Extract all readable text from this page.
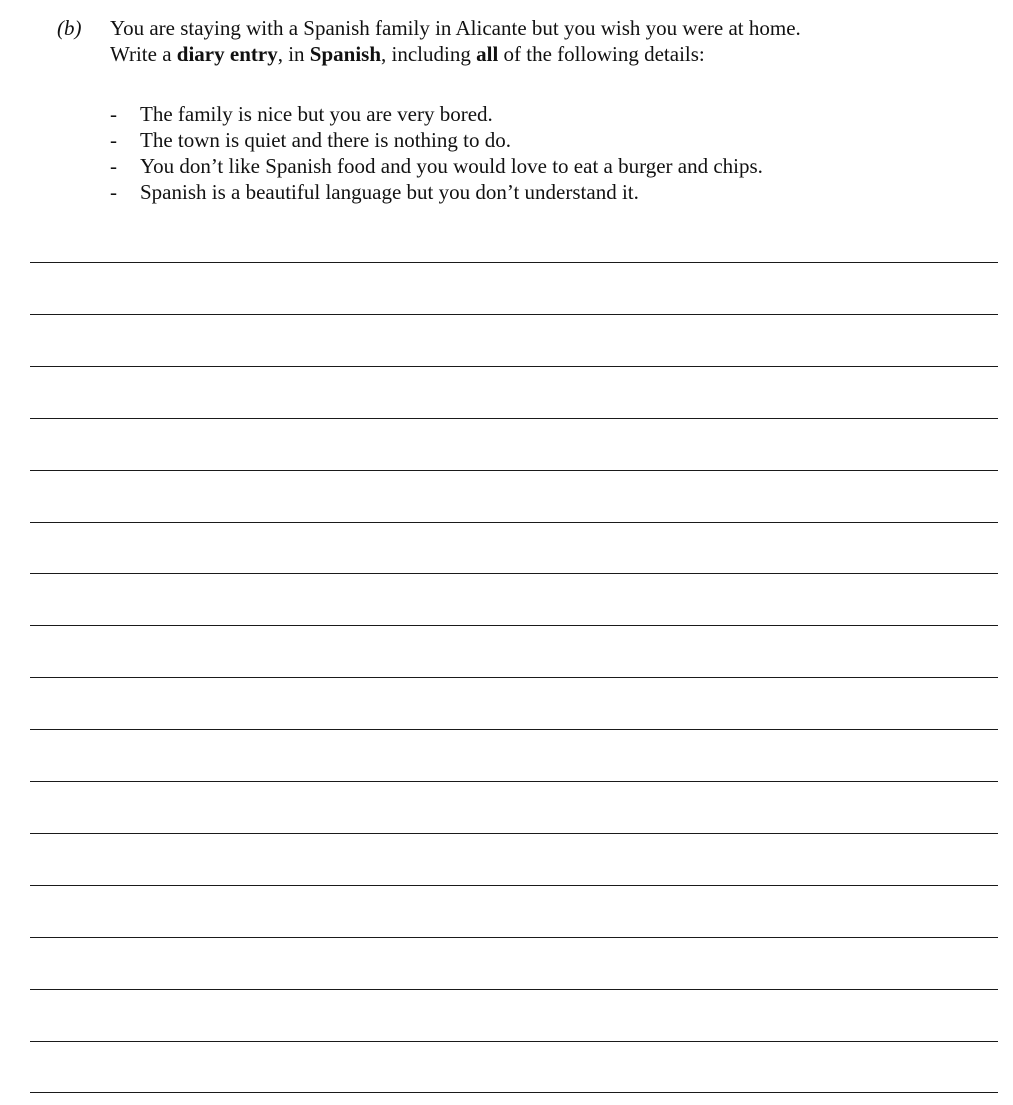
(b) You are staying with a Spanish family in Alicante but you wish you were at home.

Write a diary entry, in Spanish, including all of the following details:

- The family is nice but you are very bored.
- The town is quiet and there is nothing to do.
- You don’t like Spanish food and you would love to eat a burger and chips.
- Spanish is a beautiful language but you don’t understand it.
